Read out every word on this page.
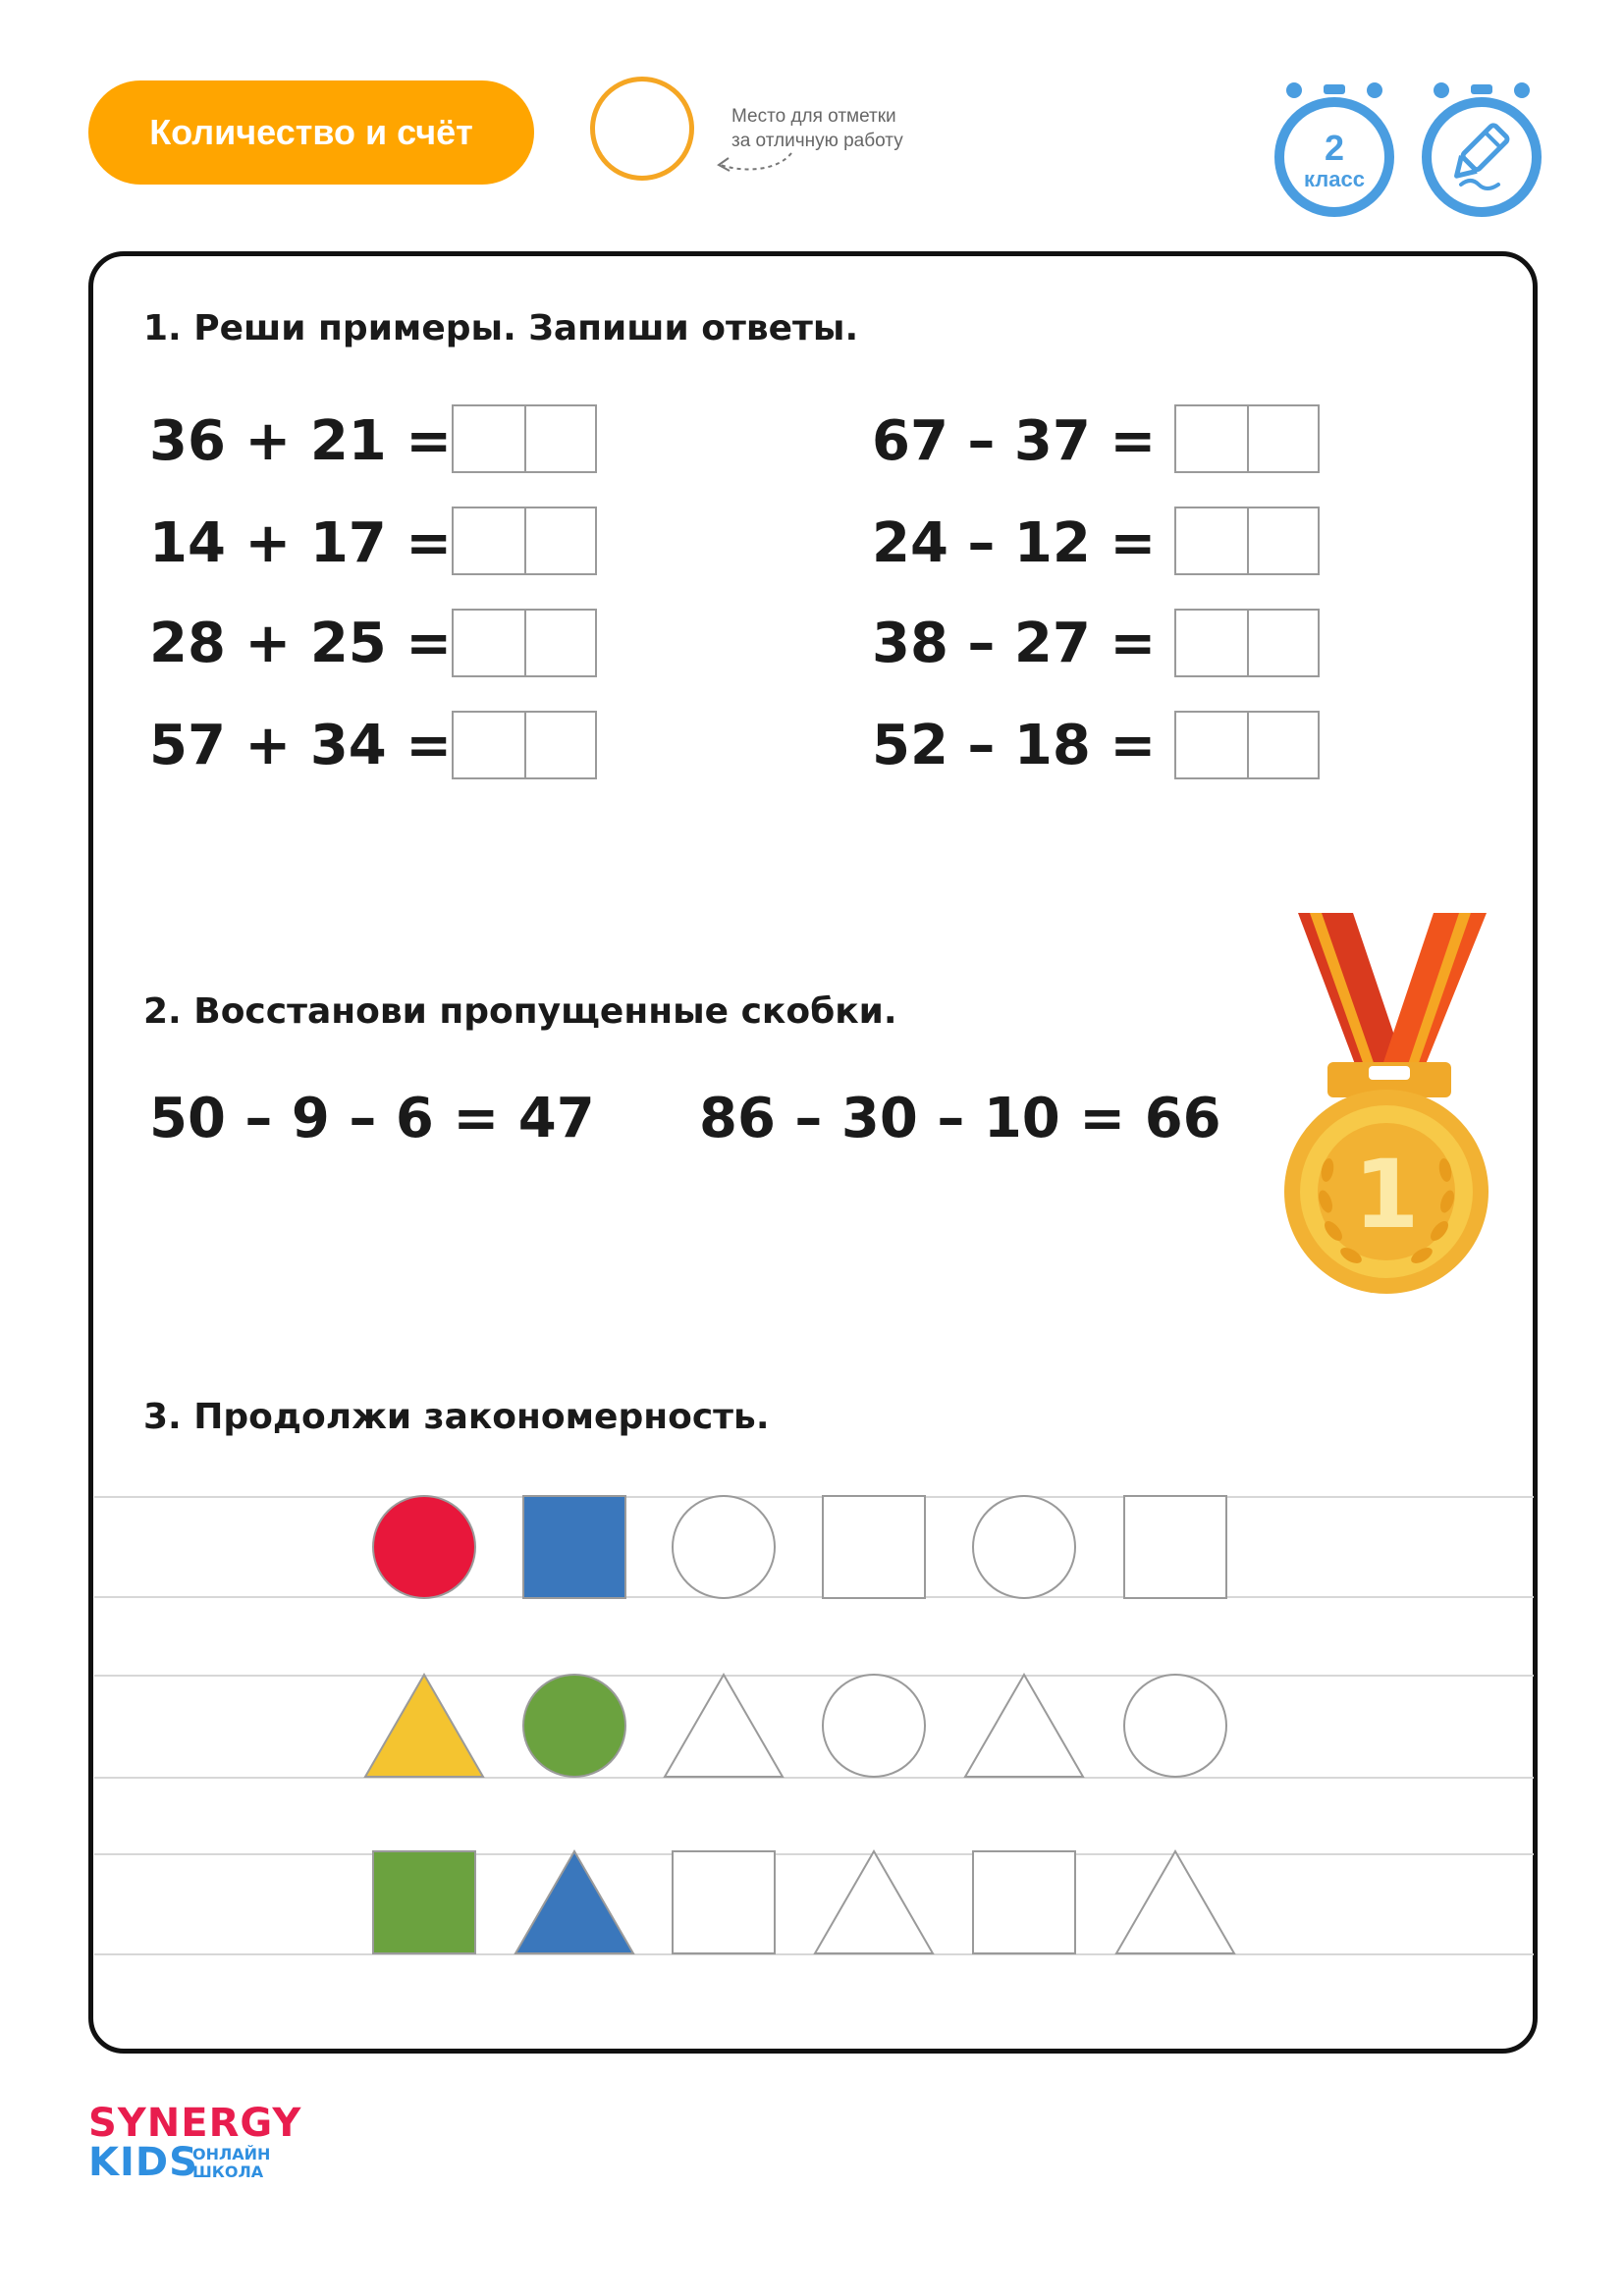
Количество и счёт	Место для отметки
за отличную работу	2
класс
1. Реши примеры. Запиши ответы.
36 + 21 =
14 + 17 =
28 + 25 =
57 + 34 =
67 – 37 =
24 – 12 =
38 – 27 =
52 – 18 =
2. Восстанови пропущенные скобки.
50 – 9 – 6 = 47 86 – 30 – 10 = 66
1
3. Продолжи закономерность.
SYNERGY
KIDS
ОНЛАЙН
ШКОЛА
